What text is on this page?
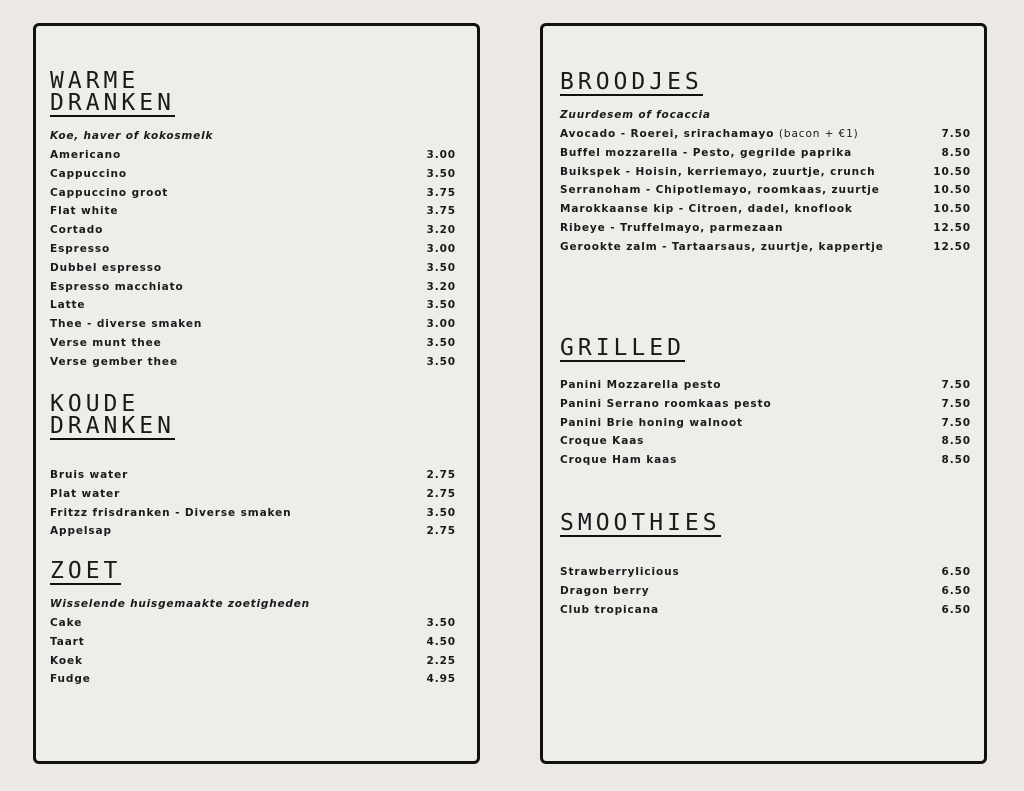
WARME
DRANKEN
Koe, haver of kokosmelk
Americano	3.00
Cappuccino	3.50
Cappuccino groot	3.75
Flat white	3.75
Cortado	3.20
Espresso	3.00
Dubbel espresso	3.50
Espresso macchiato	3.20
Latte	3.50
Thee - diverse smaken	3.00
Verse munt thee	3.50
Verse gember thee	3.50
KOUDE
DRANKEN
Bruis water	2.75
Plat water	2.75
Fritzz frisdranken - Diverse smaken	3.50
Appelsap	2.75
ZOET
Wisselende huisgemaakte zoetigheden
Cake	3.50
Taart	4.50
Koek	2.25
Fudge	4.95
BROODJES
Zuurdesem of focaccia
Avocado - Roerei, srirachamayo (bacon + €1)	7.50
Buffel mozzarella - Pesto, gegrilde paprika	8.50
Buikspek - Hoisin, kerriemayo, zuurtje, crunch	10.50
Serranoham - Chipotlemayo, roomkaas, zuurtje	10.50
Marokkaanse kip - Citroen, dadel, knoflook	10.50
Ribeye - Truffelmayo, parmezaan	12.50
Gerookte zalm - Tartaarsaus, zuurtje, kappertje	12.50
GRILLED
Panini Mozzarella pesto	7.50
Panini Serrano roomkaas pesto	7.50
Panini Brie honing walnoot	7.50
Croque Kaas	8.50
Croque Ham kaas	8.50
SMOOTHIES
Strawberrylicious	6.50
Dragon berry	6.50
Club tropicana	6.50
